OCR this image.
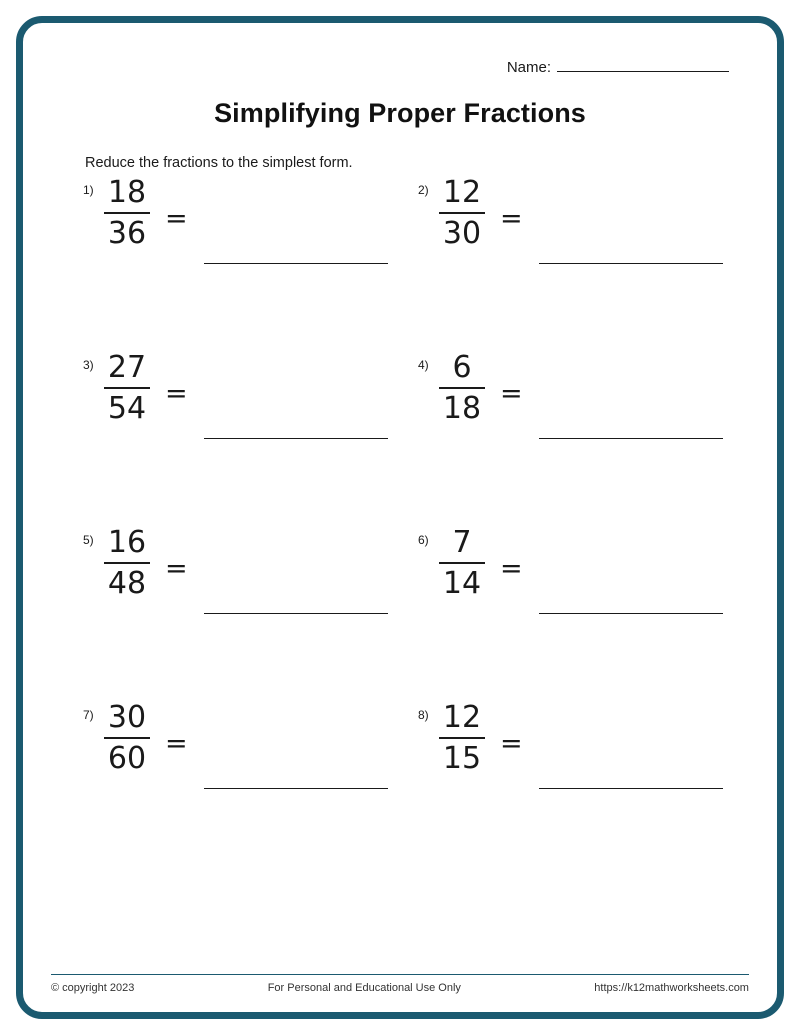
Name:
Simplifying Proper Fractions
Reduce the fractions to the simplest form.
$1) \frac{18}{36}$ =
$2) \frac{12}{30}$ =
$3) \frac{27}{54}$ =
$4) \frac{6}{18}$ =
$5) \frac{16}{48}$ =
$6) \frac{7}{14}$ =
$7) \frac{30}{60}$ =
$8) \frac{12}{15}$ =
© copyright 2023	For Personal and Educational Use Only	https://k12mathworksheets.com
